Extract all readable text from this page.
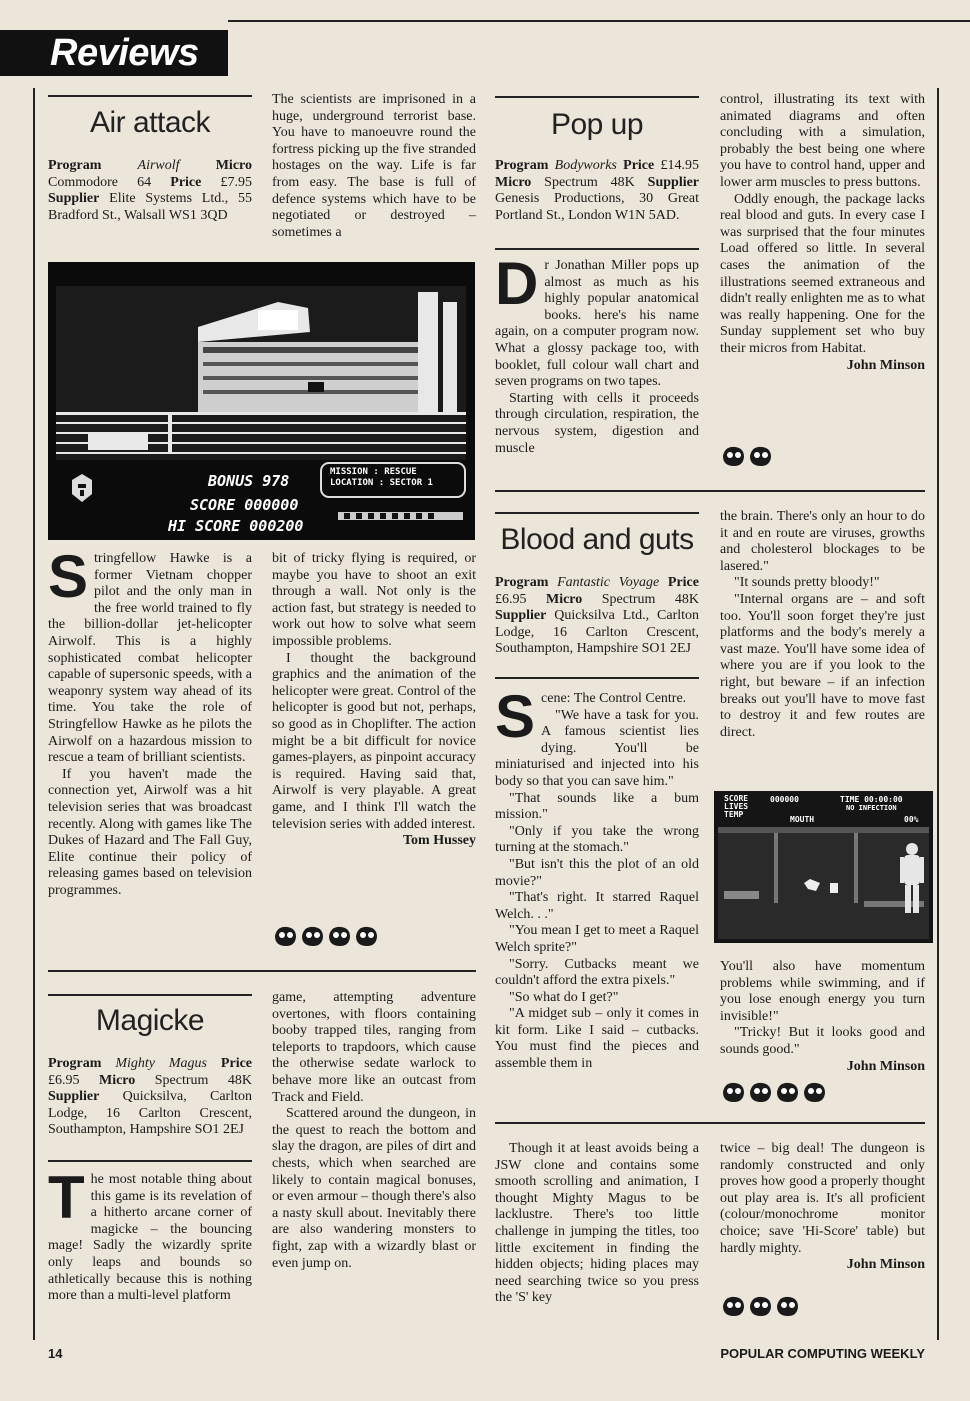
Reviews
Air attack
Program	Airwolf	Micro Commodore 64 Price £7.95 Supplier Elite Systems Ltd., 55 Bradford St., Walsall WS1 3QD

The scientists are imprisoned in a huge, underground terrorist base. You have to manoeuvre round the fortress picking up the five stranded hostages on the way. Life is far from easy. The base is full of defence systems which have to be negotiated or destroyed – sometimes a

BONUS 978
SCORE 000000
HI SCORE 000200
MISSION : RESCUE
LOCATION : SECTOR 1
S tringfellow Hawke is a former Vietnam chopper pilot and the only man in the free world trained to fly the billion-dollar jet-helicopter Airwolf. This is a highly sophisticated combat helicopter capable of supersonic speeds, with a weaponry system way ahead of its time. You take the role of Stringfellow Hawke as he pilots the Airwolf on a hazardous mission to rescue a team of brilliant scientists.

If you haven't made the connection yet, Airwolf was a hit television series that was broadcast recently. Along with games like The Dukes of Hazard and The Fall Guy, Elite continue their policy of releasing games based on television programmes.

bit of tricky flying is required, or maybe you have to shoot an exit through a wall. Not only is the action fast, but strategy is needed to work out how to solve what seem impossible problems.

I thought the background graphics and the animation of the helicopter were great. Control of the helicopter is good but not, perhaps, so good as in Choplifter. The action might be a bit difficult for novice games-players, as pinpoint accuracy is required. Having said that, Airwolf is very playable. A great game, and I think I'll watch the television series with added interest.

Tom Hussey

Pop up
Program Bodyworks Price £14.95 Micro Spectrum 48K Supplier Genesis Productions, 30 Great Portland St., London W1N 5AD.
D r Jonathan Miller pops up almost as much as his highly popular anatomical books. here's his name again, on a computer program now. What a glossy package too, with booklet, full colour wall chart and seven programs on two tapes.

Starting with cells it proceeds through circulation, respiration, the nervous system, digestion and muscle

control, illustrating its text with animated diagrams and often concluding with a simulation, probably the best being one where you have to control hand, upper and lower arm muscles to press buttons.

Oddly enough, the package lacks real blood and guts. In every case I was surprised that the four minutes Load offered so little. In several cases the animation of the illustrations seemed extraneous and didn't really enlighten me as to what was really happening. One for the Sunday supplement set who buy their micros from Habitat.

John Minson

Blood and guts
Program Fantastic Voyage Price £6.95 Micro Spectrum 48K Supplier Quicksilva Ltd., Carlton Lodge, 16 Carlton Crescent, Southampton, Hampshire SO1 2EJ
S cene: The Control Centre.

"We have a task for you. A famous scientist lies dying. You'll be miniaturised and injected into his body so that you can save him."

"That sounds like a bum mission."

"Only if you take the wrong turning at the stomach."

"But isn't this the plot of an old movie?"

"That's right. It starred Raquel Welch. . ."

"You mean I get to meet a Raquel Welch sprite?"

"Sorry. Cutbacks meant we couldn't afford the extra pixels."

"So what do I get?"

"A midget sub – only it comes in kit form. Like I said – cutbacks. You must find the pieces and assemble them in

the brain. There's only an hour to do it and en route are viruses, growths and cholesterol blockages to be lasered."

"It sounds pretty bloody!"

"Internal organs are – and soft too. You'll soon forget they're just platforms and the body's merely a vast maze. You'll have some idea of where you are if you look to the right, but beware – if an infection breaks out you'll have to move fast to destroy it and few routes are direct.

SCORE
LIVES
TEMP
000000	TIME 00:00:00
NO INFECTION
MOUTH	00%

You'll also have momentum problems while swimming, and if you lose enough energy you turn invisible!"

"Tricky! But it looks good and sounds good."

John Minson

Magicke
Program Mighty Magus Price £6.95 Micro Spectrum 48K Supplier Quicksilva, Carlton Lodge, 16 Carlton Crescent, Southampton, Hampshire SO1 2EJ
T he most notable thing about this game is its revelation of a hitherto arcane corner of magicke – the bouncing mage! Sadly the wizardly sprite only leaps and bounds so athletically because this is nothing more than a multi-level platform

game, attempting adventure overtones, with floors containing booby trapped tiles, ranging from teleports to trapdoors, which cause the otherwise sedate warlock to behave more like an outcast from Track and Field.

Scattered around the dungeon, in the quest to reach the bottom and slay the dragon, are piles of dirt and chests, which when searched are likely to contain magical bonuses, or even armour – though there's also a nasty skull about. Inevitably there are also wandering monsters to fight, zap with a wizardly blast or even jump on.

Though it at least avoids being a JSW clone and contains some smooth scrolling and animation, I thought Mighty Magus to be lacklustre. There's too little challenge in jumping the titles, too little excitement in finding the hidden objects; hiding places may need searching twice so you press the 'S' key

twice – big deal! The dungeon is randomly constructed and only proves how good a properly thought out play area is. It's all proficient (colour/monochrome monitor choice; save 'Hi-Score' table) but hardly mighty.

John Minson

14	POPULAR COMPUTING WEEKLY
